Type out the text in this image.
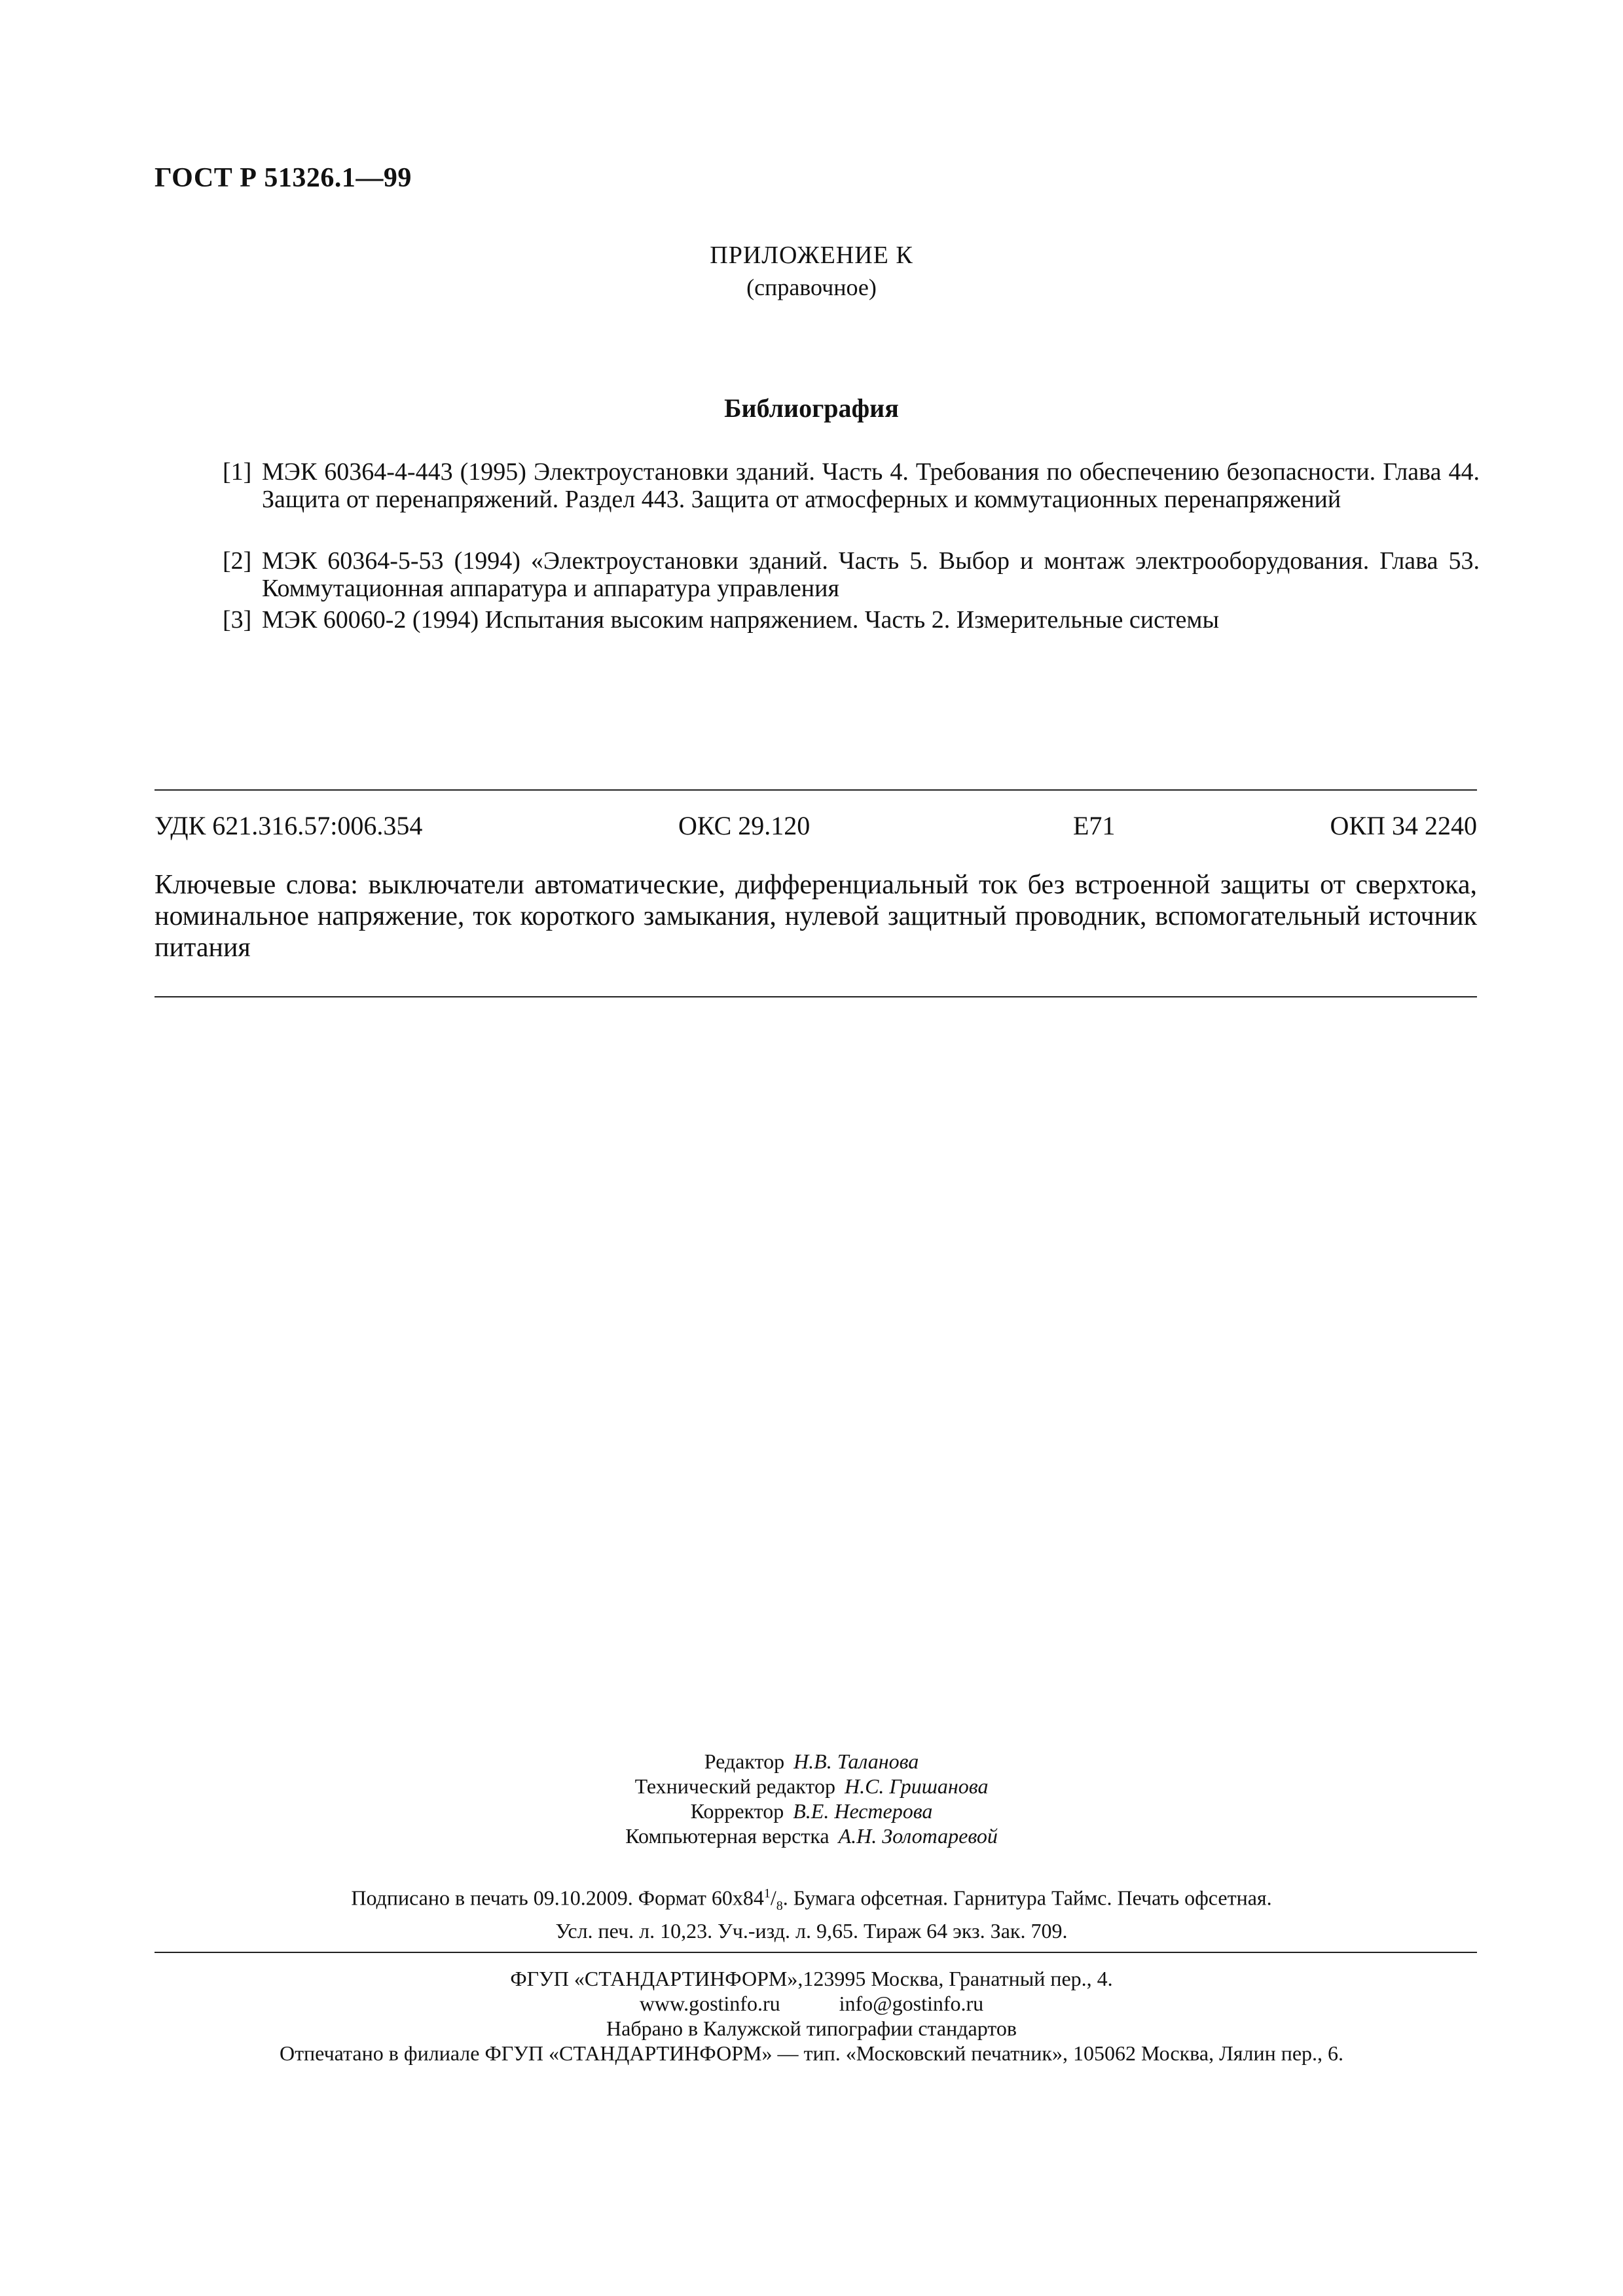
ГОСТ Р 51326.1—99
ПРИЛОЖЕНИЕ К
(справочное)
Библиография
[1] МЭК 60364-4-443 (1995) Электроустановки зданий. Часть 4. Требования по обеспечению безопасности. Глава 44. Защита от перенапряжений. Раздел 443. Защита от атмосферных и коммутационных перенапряжений
[2] МЭК 60364-5-53 (1994) «Электроустановки зданий. Часть 5. Выбор и монтаж электрооборудования. Глава 53. Коммутационная аппаратура и аппаратура управления
[3] МЭК 60060-2 (1994) Испытания высоким напряжением. Часть 2. Измерительные системы
УДК 621.316.57:006.354	ОКС 29.120	Е71	ОКП 34 2240
Ключевые слова: выключатели автоматические, дифференциальный ток без встроенной защиты от сверхтока, номинальное напряжение, ток короткого замыкания, нулевой защитный проводник, вспомогательный источник питания
Редактор Н.В. Таланова
Технический редактор Н.С. Гришанова
Корректор В.Е. Нестерова
Компьютерная верстка А.Н. Золотаревой
Подписано в печать 09.10.2009. Формат $60х84^1/_8$. Бумага офсетная. Гарнитура Таймс. Печать офсетная.
Усл. печ. л. 10,23. Уч.-изд. л. 9,65. Тираж 64 экз. Зак. 709.
ФГУП «СТАНДАРТИНФОРМ»,123995 Москва, Гранатный пер., 4.
www.gostinfo.ru	info@gostinfo.ru
Набрано в Калужской типографии стандартов
Отпечатано в филиале ФГУП «СТАНДАРТИНФОРМ» — тип. «Московский печатник», 105062 Москва, Лялин пер., 6.
